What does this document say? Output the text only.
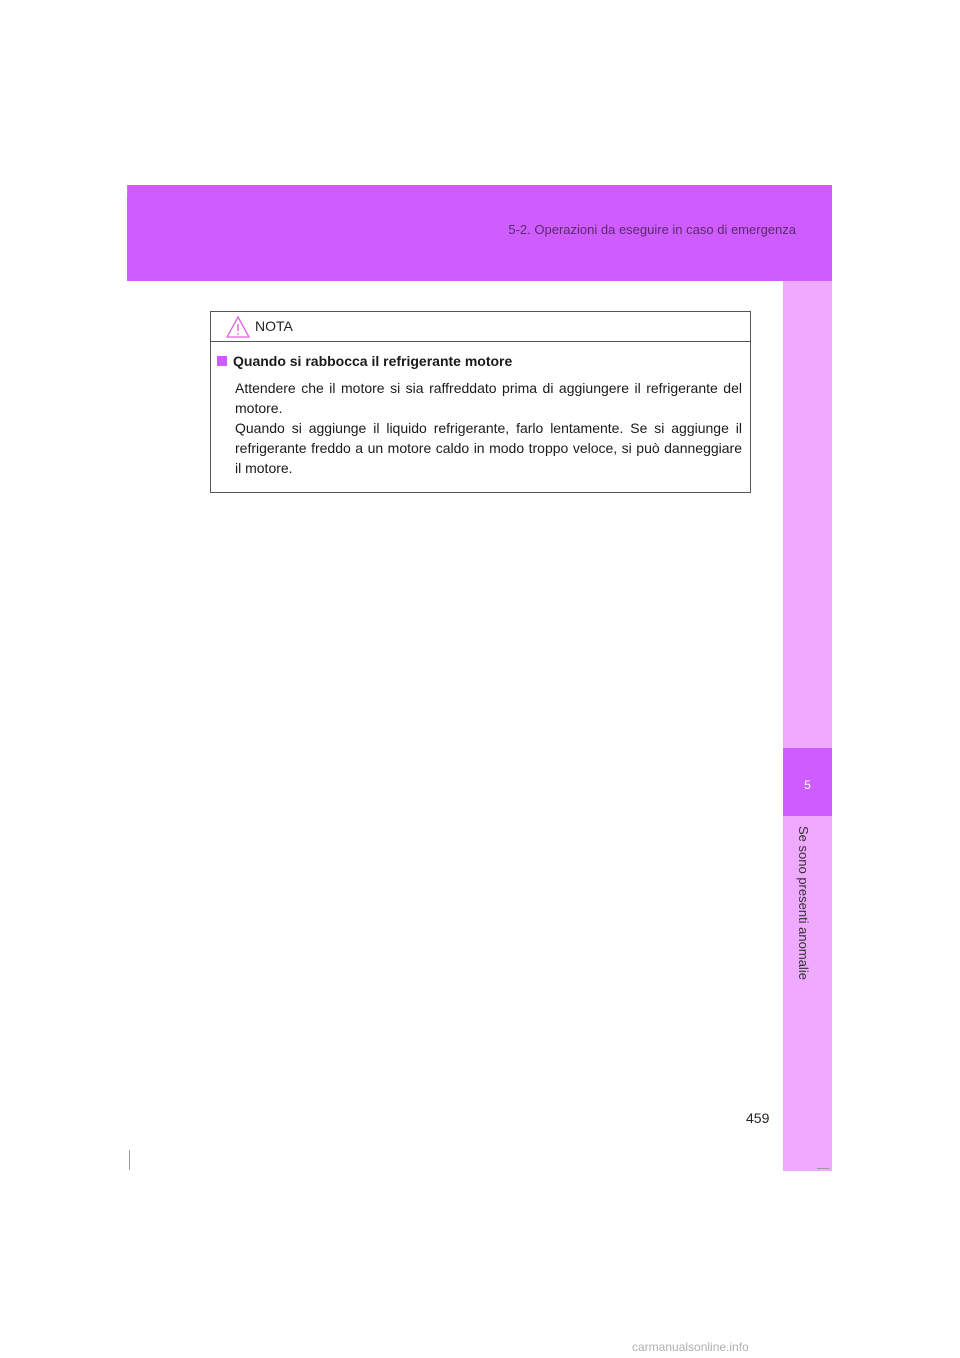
5-2. Operazioni da eseguire in caso di emergenza
5
Se sono presenti anomalie
NOTA
Quando si rabbocca il refrigerante motore

Attendere che il motore si sia raffreddato prima di aggiungere il refrigerante del motore.

Quando si aggiunge il liquido refrigerante, farlo lentamente. Se si aggiunge il refrigerante freddo a un motore caldo in modo troppo veloce, si può danneggiare il motore.

459
carmanualsonline.info
